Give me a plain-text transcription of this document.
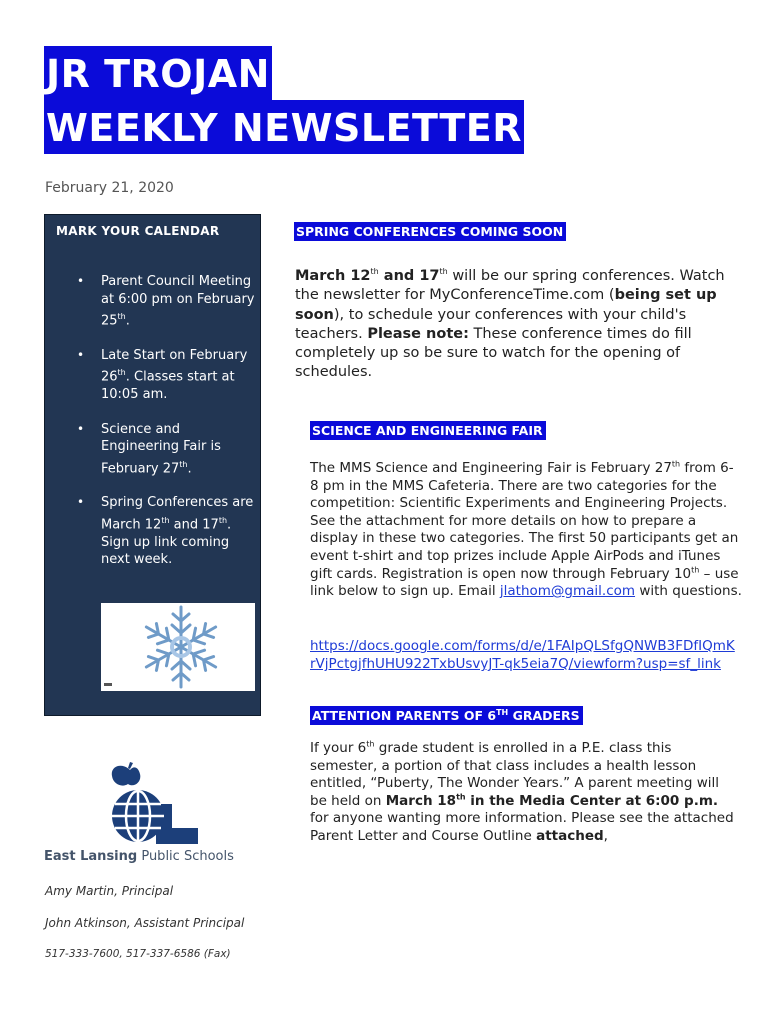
JR TROJAN
WEEKLY NEWSLETTER
February 21, 2020
MARK YOUR CALENDAR
• Parent Council Meeting at 6:00 pm on February 25th.
• Late Start on February 26th. Classes start at 10:05 am.
• Science and Engineering Fair is February 27th.
• Spring Conferences are March 12th and 17th. Sign up link coming next week.
SPRING CONFERENCES COMING SOON
March 12th and 17th will be our spring conferences. Watch the newsletter for MyConferenceTime.com (being set up soon), to schedule your conferences with your child's teachers. Please note: These conference times do fill completely up so be sure to watch for the opening of schedules.
SCIENCE AND ENGINEERING FAIR
The MMS Science and Engineering Fair is February 27th from 6-8 pm in the MMS Cafeteria. There are two categories for the competition: Scientific Experiments and Engineering Projects. See the attachment for more details on how to prepare a display in these two categories. The first 50 participants get an event t-shirt and top prizes include Apple AirPods and iTunes gift cards. Registration is open now through February 10th – use link below to sign up. Email jlathom@gmail.com with questions.
https://docs.google.com/forms/d/e/1FAIpQLSfgQNWB3FDfIQmKrVjPctgjfhUHU922TxbUsvyJT-qk5eia7Q/viewform?usp=sf_link
ATTENTION PARENTS OF 6TH GRADERS
If your 6th grade student is enrolled in a P.E. class this semester, a portion of that class includes a health lesson entitled, “Puberty, The Wonder Years.” A parent meeting will be held on March 18th in the Media Center at 6:00 p.m. for anyone wanting more information. Please see the attached Parent Letter and Course Outline attached,
East Lansing Public Schools
Amy Martin, Principal
John Atkinson, Assistant Principal
517-333-7600, 517-337-6586 (Fax)
